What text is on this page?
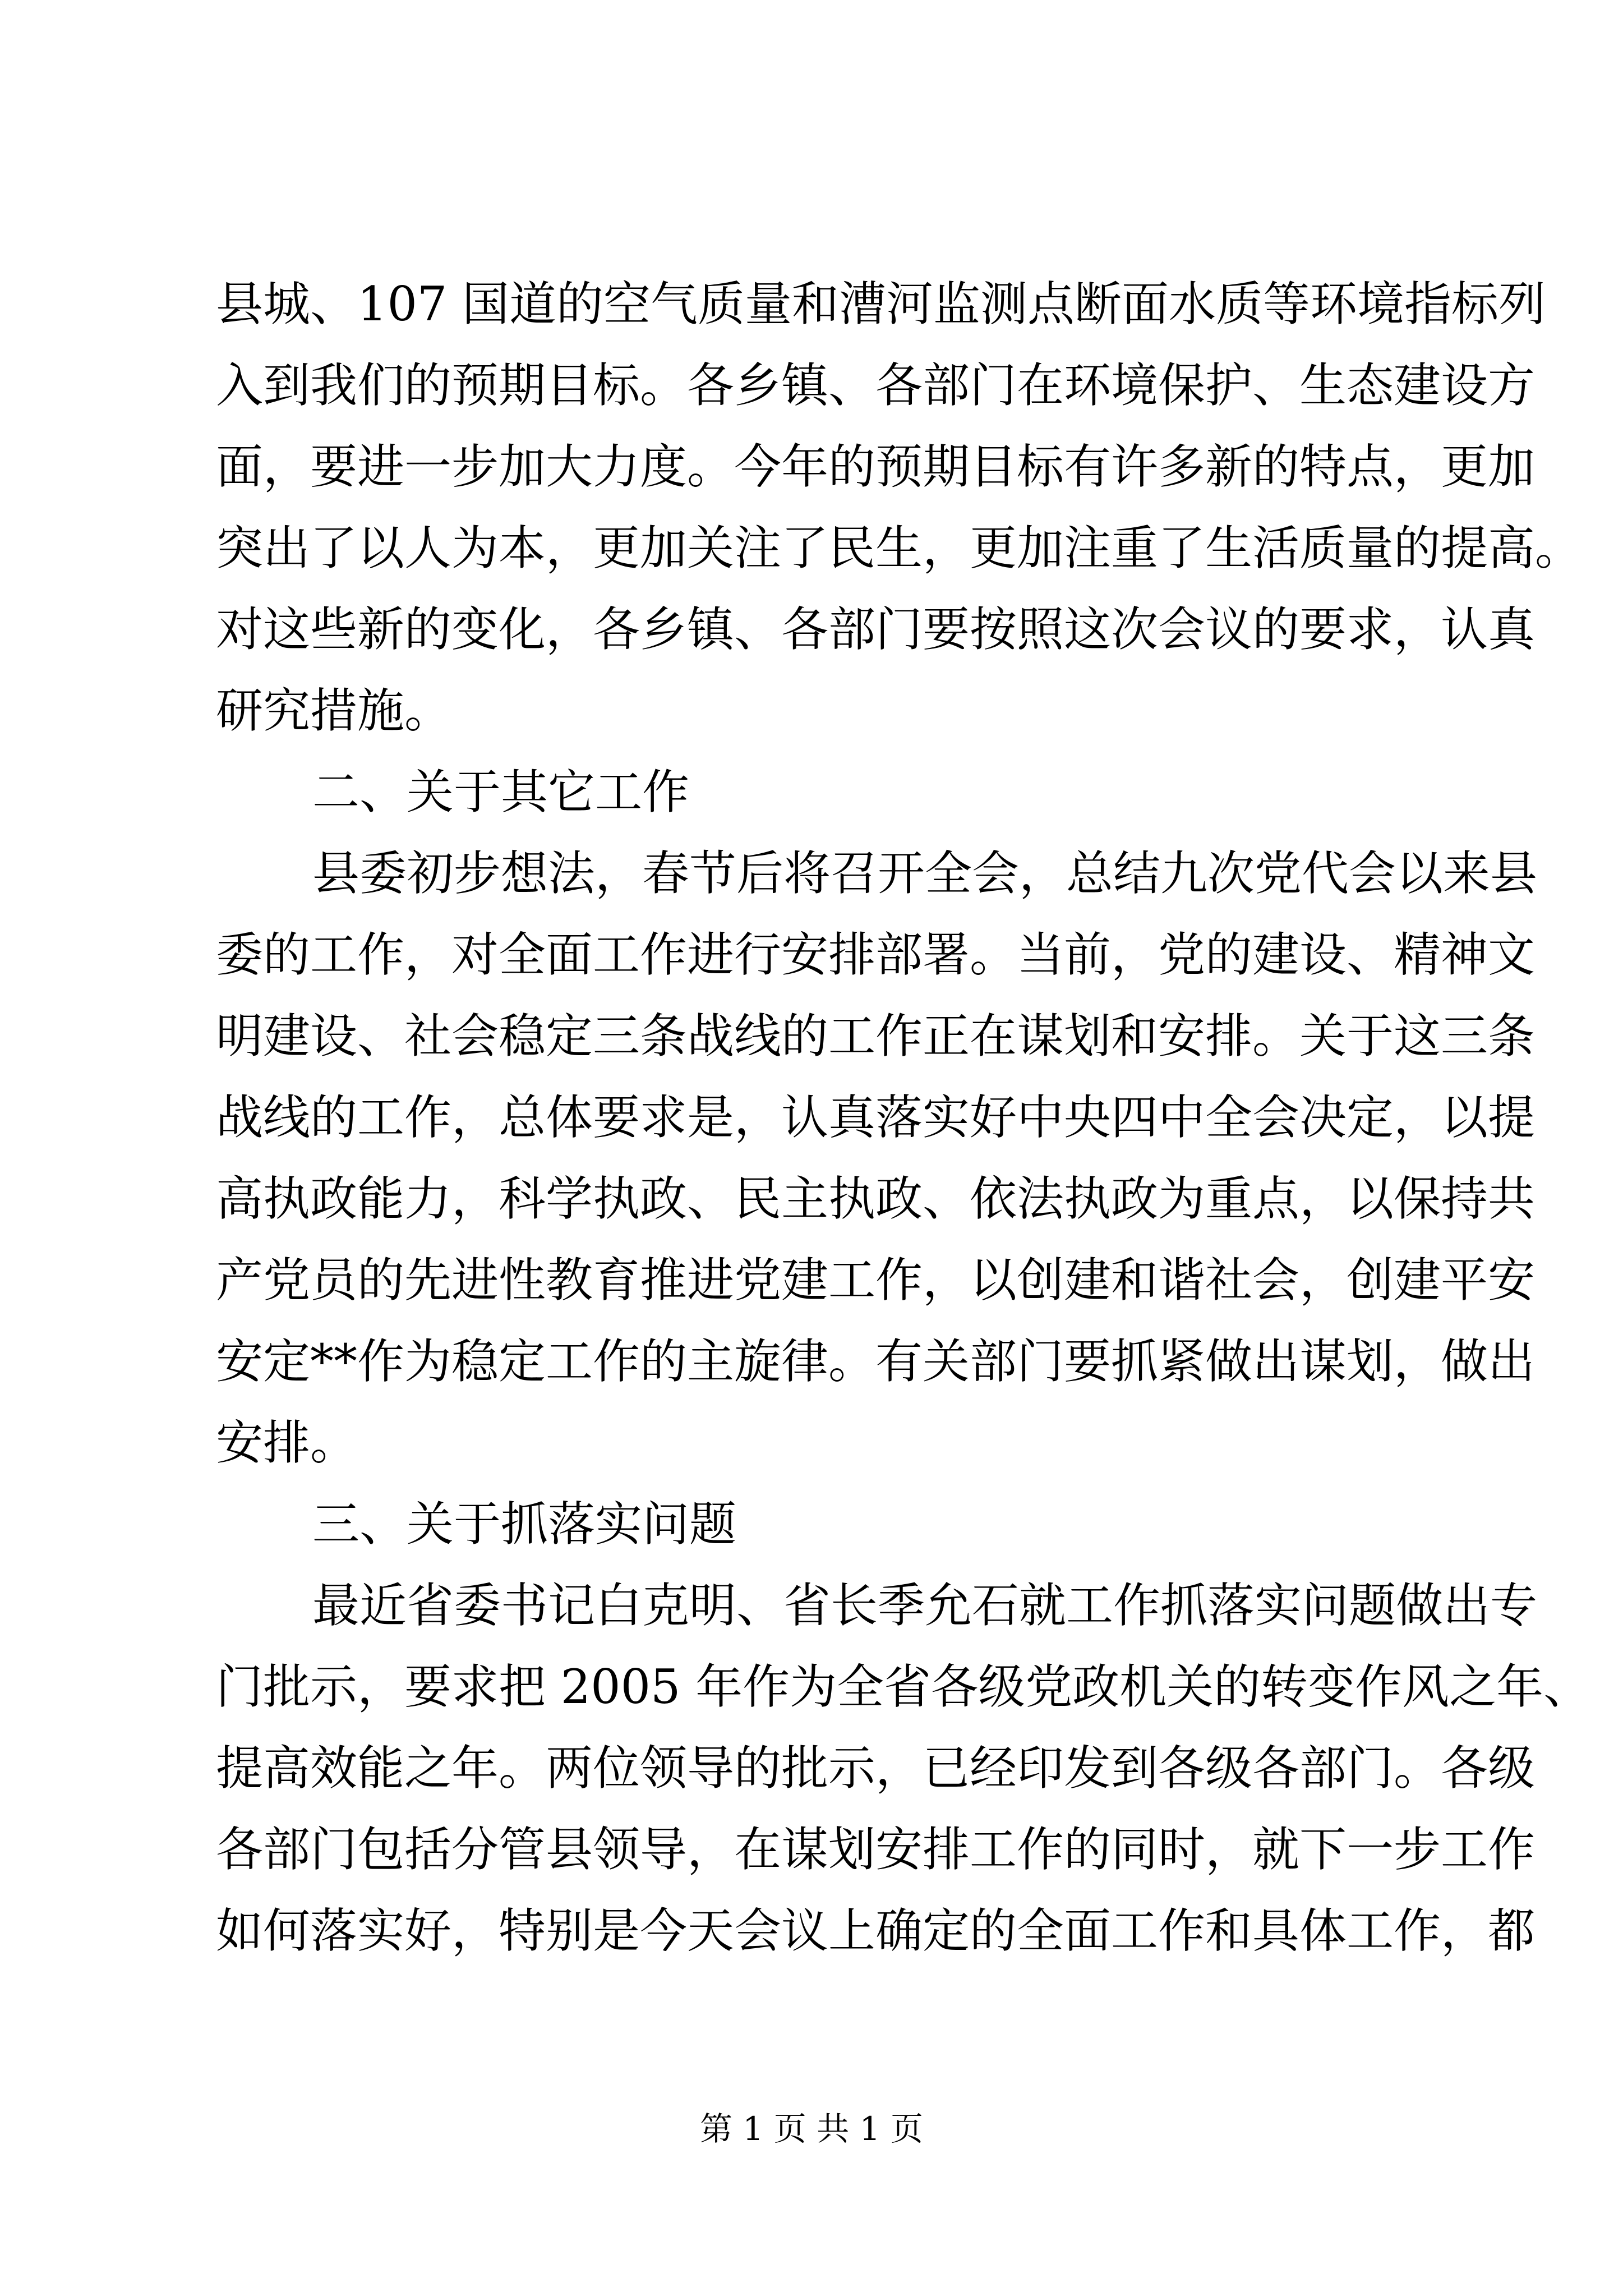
县城、107 国道的空气质量和漕河监测点断面水质等环境指标列
入到我们的预期目标。各乡镇、各部门在环境保护、生态建设方
面，要进一步加大力度。今年的预期目标有许多新的特点，更加
突出了以人为本，更加关注了民生，更加注重了生活质量的提高。
对这些新的变化，各乡镇、各部门要按照这次会议的要求，认真
研究措施。
二、关于其它工作
县委初步想法，春节后将召开全会，总结九次党代会以来县
委的工作，对全面工作进行安排部署。当前，党的建设、精神文
明建设、社会稳定三条战线的工作正在谋划和安排。关于这三条
战线的工作，总体要求是，认真落实好中央四中全会决定，以提
高执政能力，科学执政、民主执政、依法执政为重点，以保持共
产党员的先进性教育推进党建工作，以创建和谐社会，创建平安
安定**作为稳定工作的主旋律。有关部门要抓紧做出谋划，做出
安排。
三、关于抓落实问题
最近省委书记白克明、省长季允石就工作抓落实问题做出专
门批示，要求把 2005 年作为全省各级党政机关的转变作风之年、
提高效能之年。两位领导的批示，已经印发到各级各部门。各级
各部门包括分管县领导，在谋划安排工作的同时，就下一步工作
如何落实好，特别是今天会议上确定的全面工作和具体工作，都
第 1 页 共 1 页
